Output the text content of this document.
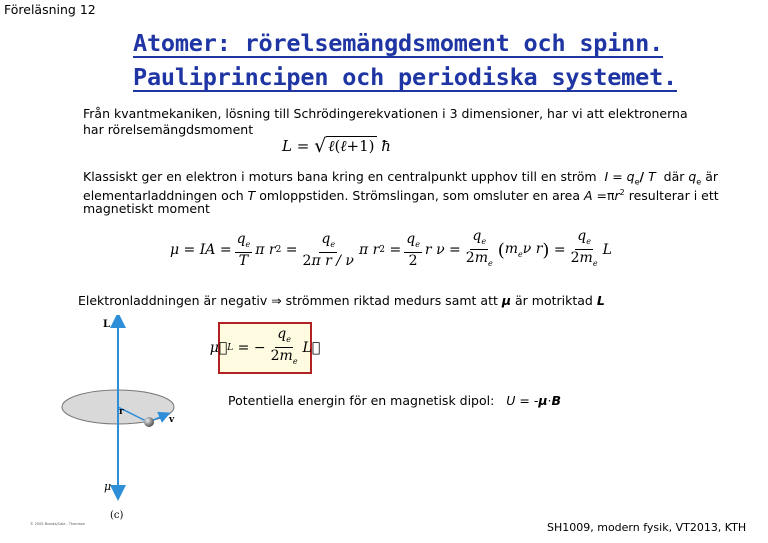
Föreläsning 12
Atomer: rörelsemängdsmoment och spinn.
Pauliprincipen och periodiska systemet.
Från kvantmekaniken, lösning till Schrödingerekvationen i 3 dimensioner, har vi att elektronerna
har rörelsemängdsmoment
L = √ ℓ(ℓ+1)
ħ
Klassiskt ger en elektron i moturs bana kring en centralpunkt upphov till en ström  $I = q_e/$ T  där $q_e$ är
elementarladdningen och T omloppstiden. Strömslingan, som omsluter en area $A =\pi r^2$ resulterar i ett
magnetiskt moment
μ = IA = $\frac{q_e}{T}$ π r $2 = \frac{q_e}{\text{2π r / ν}}$ π r $2 = \frac{q_e}{2}$ r $\nu = \frac{q_e}{2m_e}$ ( $m_e\nu$ r ) = $\frac{q_e}{2m_e}$ L
Elektronladdningen är negativ ⇒ strömmen riktad medurs samt att μ är motriktad L
μ⃗ L = − $\frac{q_e}{2m_e}$ L⃗
Potentiella energin för en magnetisk dipol:   U = -μ·B
L
r
v
μ
(c)
© 2005 Brooks/Cole - Thomson	SH1009, modern fysik, VT2013, KTH
